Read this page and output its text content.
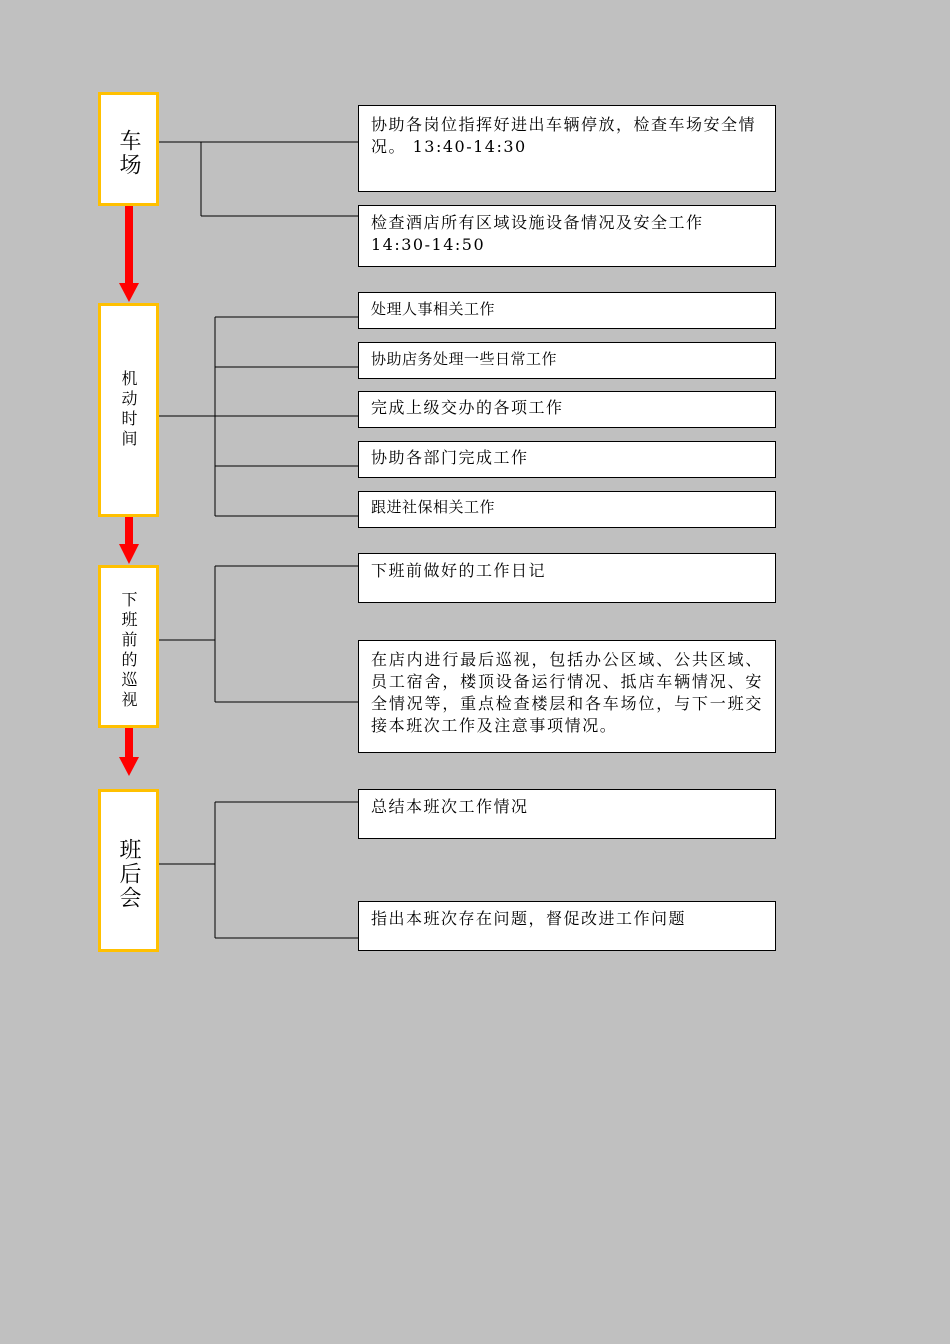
车场
机动时间
下班前的巡视
班后会
协助各岗位指挥好进出车辆停放，检查车场安全情况。 13:40-14:30
检查酒店所有区域设施设备情况及安全工作 14:30-14:50
处理人事相关工作
协助店务处理一些日常工作
完成上级交办的各项工作
协助各部门完成工作
跟进社保相关工作
下班前做好的工作日记
在店内进行最后巡视，包括办公区域、公共区域、员工宿舍，楼顶设备运行情况、抵店车辆情况、安全情况等，重点检查楼层和各车场位，与下一班交接本班次工作及注意事项情况。
总结本班次工作情况
指出本班次存在问题，督促改进工作问题
